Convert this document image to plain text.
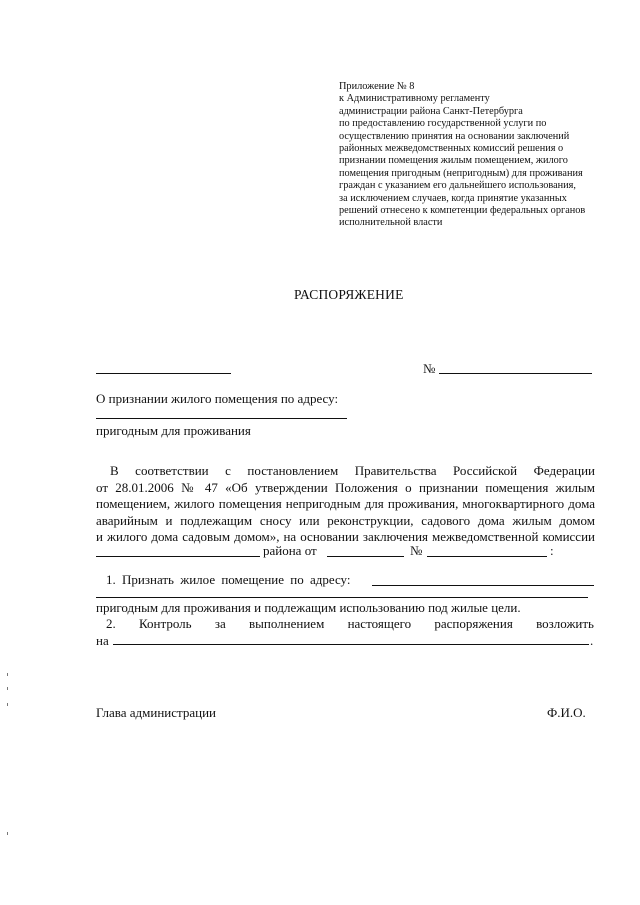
Приложение № 8
к Административному регламенту
администрации района Санкт-Петербурга
по предоставлению государственной услуги по
осуществлению принятия на основании заключений
районных межведомственных комиссий решения о
признании помещения жилым помещением, жилого
помещения пригодным (непригодным) для проживания
граждан с указанием его дальнейшего использования,
за исключением случаев, когда принятие указанных
решений отнесено к компетенции федеральных органов
исполнительной власти
РАСПОРЯЖЕНИЕ
№
О признании жилого помещения по адресу:
пригодным для проживания
В соответствии с постановлением Правительства Российской Федерации
от 28.01.2006 № 47 «Об утверждении Положения о признании помещения жилым
помещением, жилого помещения непригодным для проживания, многоквартирного дома
аварийным и подлежащим сносу или реконструкции, садового дома жилым домом
и жилого дома садовым домом», на основании заключения межведомственной комиссии
района от	№	:
1. Признать жилое помещение по адресу:
пригодным для проживания и подлежащим использованию под жилые цели.
2. Контроль за выполнением настоящего распоряжения возложить
на	.
Глава администрации	Ф.И.О.
